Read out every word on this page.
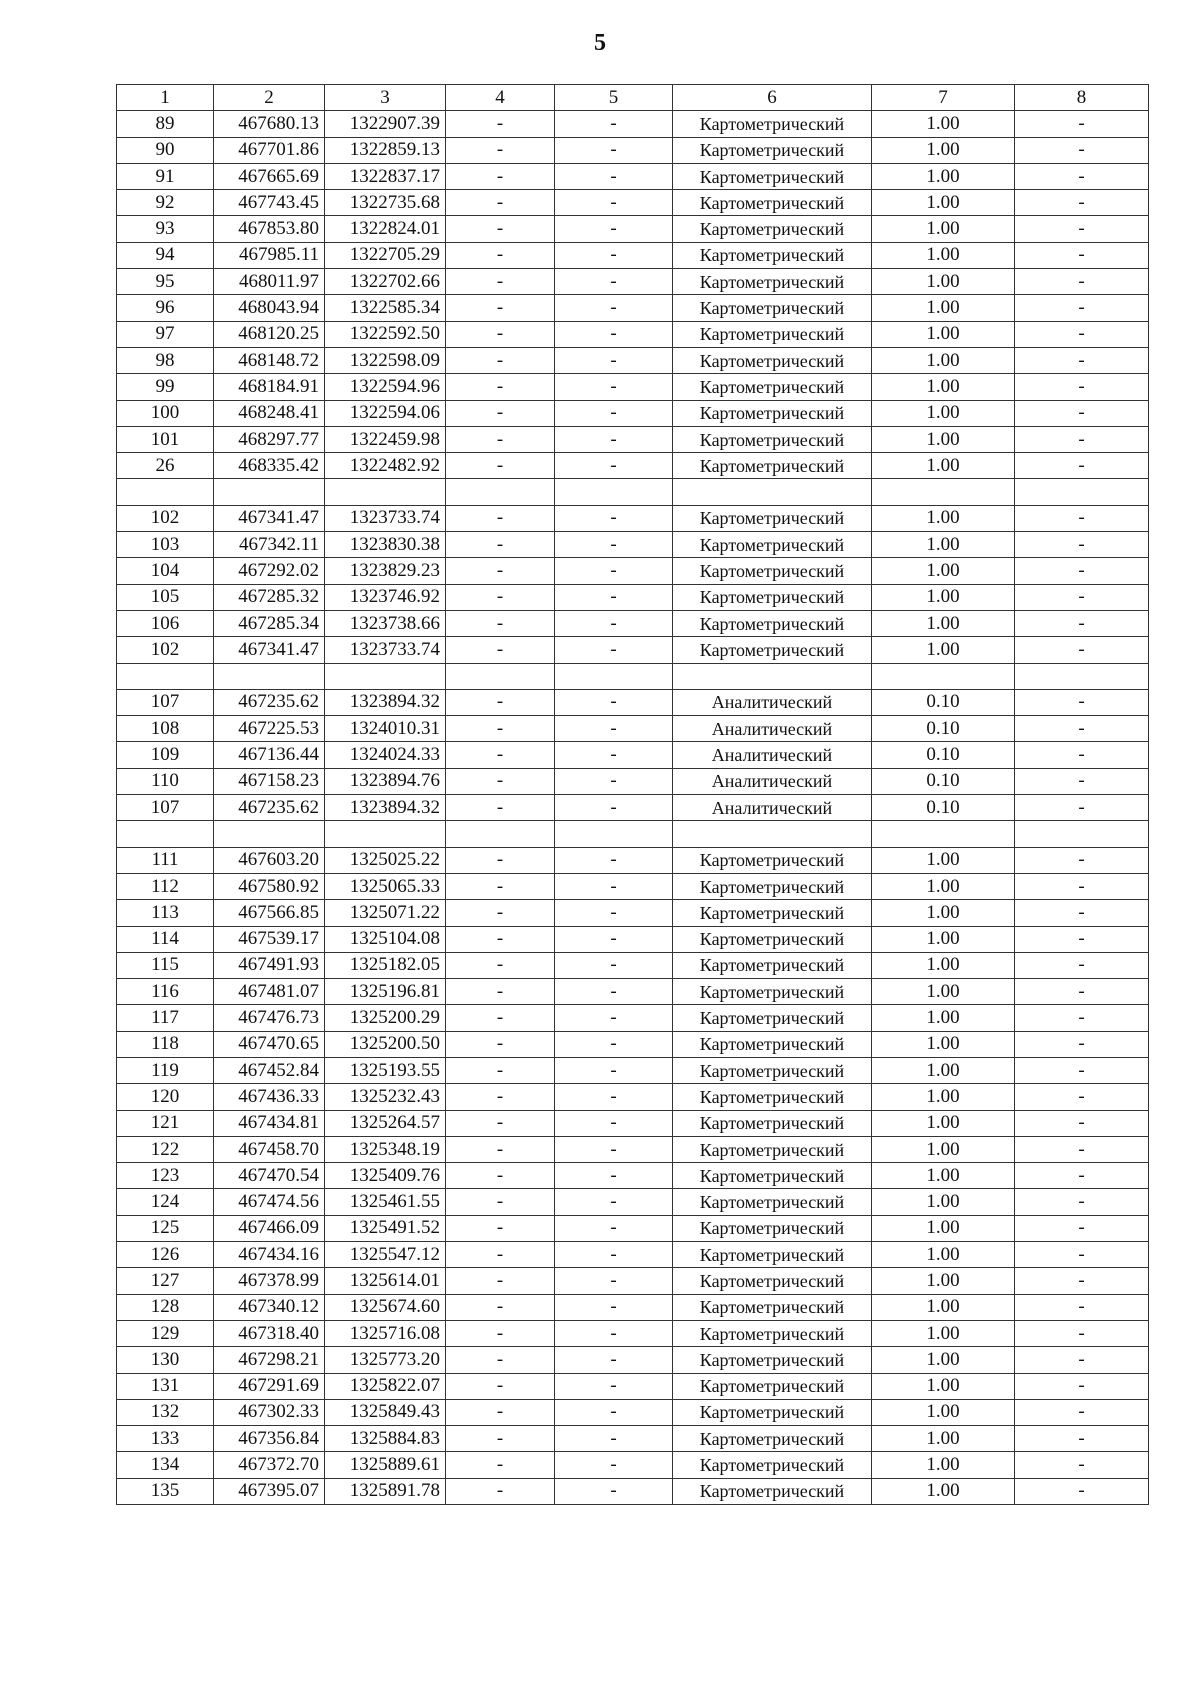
5
1	2	3	4	5	6	7	8
89	467680.13	1322907.39	-	-	Картометрический	1.00	-
90	467701.86	1322859.13	-	-	Картометрический	1.00	-
91	467665.69	1322837.17	-	-	Картометрический	1.00	-
92	467743.45	1322735.68	-	-	Картометрический	1.00	-
93	467853.80	1322824.01	-	-	Картометрический	1.00	-
94	467985.11	1322705.29	-	-	Картометрический	1.00	-
95	468011.97	1322702.66	-	-	Картометрический	1.00	-
96	468043.94	1322585.34	-	-	Картометрический	1.00	-
97	468120.25	1322592.50	-	-	Картометрический	1.00	-
98	468148.72	1322598.09	-	-	Картометрический	1.00	-
99	468184.91	1322594.96	-	-	Картометрический	1.00	-
100	468248.41	1322594.06	-	-	Картометрический	1.00	-
101	468297.77	1322459.98	-	-	Картометрический	1.00	-
26	468335.42	1322482.92	-	-	Картометрический	1.00	-

102	467341.47	1323733.74	-	-	Картометрический	1.00	-
103	467342.11	1323830.38	-	-	Картометрический	1.00	-
104	467292.02	1323829.23	-	-	Картометрический	1.00	-
105	467285.32	1323746.92	-	-	Картометрический	1.00	-
106	467285.34	1323738.66	-	-	Картометрический	1.00	-
102	467341.47	1323733.74	-	-	Картометрический	1.00	-

107	467235.62	1323894.32	-	-	Аналитический	0.10	-
108	467225.53	1324010.31	-	-	Аналитический	0.10	-
109	467136.44	1324024.33	-	-	Аналитический	0.10	-
110	467158.23	1323894.76	-	-	Аналитический	0.10	-
107	467235.62	1323894.32	-	-	Аналитический	0.10	-

111	467603.20	1325025.22	-	-	Картометрический	1.00	-
112	467580.92	1325065.33	-	-	Картометрический	1.00	-
113	467566.85	1325071.22	-	-	Картометрический	1.00	-
114	467539.17	1325104.08	-	-	Картометрический	1.00	-
115	467491.93	1325182.05	-	-	Картометрический	1.00	-
116	467481.07	1325196.81	-	-	Картометрический	1.00	-
117	467476.73	1325200.29	-	-	Картометрический	1.00	-
118	467470.65	1325200.50	-	-	Картометрический	1.00	-
119	467452.84	1325193.55	-	-	Картометрический	1.00	-
120	467436.33	1325232.43	-	-	Картометрический	1.00	-
121	467434.81	1325264.57	-	-	Картометрический	1.00	-
122	467458.70	1325348.19	-	-	Картометрический	1.00	-
123	467470.54	1325409.76	-	-	Картометрический	1.00	-
124	467474.56	1325461.55	-	-	Картометрический	1.00	-
125	467466.09	1325491.52	-	-	Картометрический	1.00	-
126	467434.16	1325547.12	-	-	Картометрический	1.00	-
127	467378.99	1325614.01	-	-	Картометрический	1.00	-
128	467340.12	1325674.60	-	-	Картометрический	1.00	-
129	467318.40	1325716.08	-	-	Картометрический	1.00	-
130	467298.21	1325773.20	-	-	Картометрический	1.00	-
131	467291.69	1325822.07	-	-	Картометрический	1.00	-
132	467302.33	1325849.43	-	-	Картометрический	1.00	-
133	467356.84	1325884.83	-	-	Картометрический	1.00	-
134	467372.70	1325889.61	-	-	Картометрический	1.00	-
135	467395.07	1325891.78	-	-	Картометрический	1.00	-
